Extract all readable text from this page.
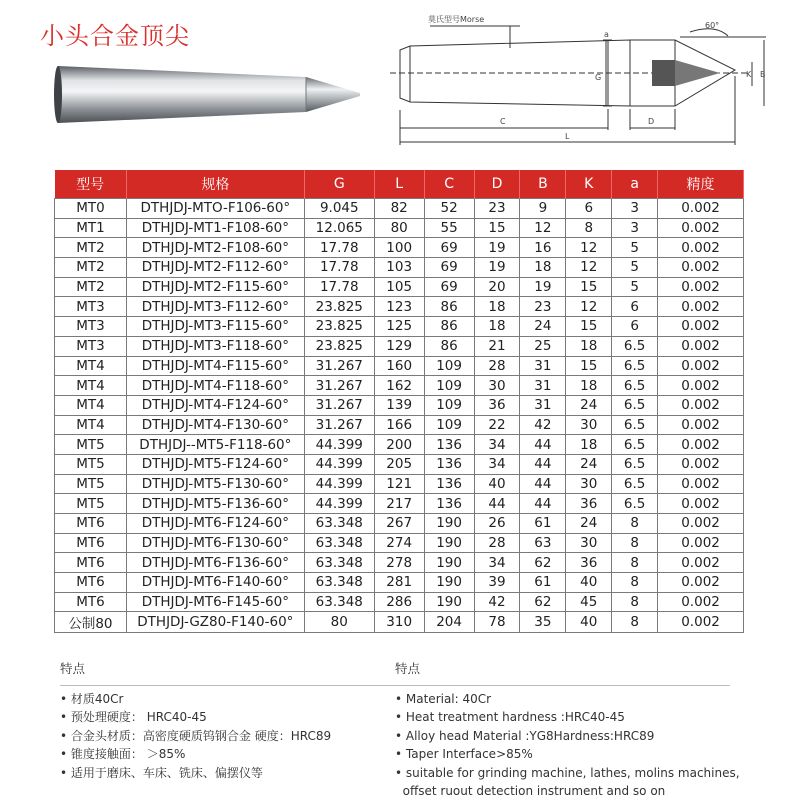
小头合金顶尖
莫氏型号Morse
60°
a
G	K B
C	D
L
型号	规格	G	L	C	D	B	K	a	精度
MT0	DTHJDJ-MTO-F106-60°	9.045	82	52	23	9	6	3	0.002
MT1	DTHJDJ-MT1-F108-60°	12.065	80	55	15	12	8	3	0.002
MT2	DTHJDJ-MT2-F108-60°	17.78	100	69	19	16	12	5	0.002
MT2	DTHJDJ-MT2-F112-60°	17.78	103	69	19	18	12	5	0.002
MT2	DTHJDJ-MT2-F115-60°	17.78	105	69	20	19	15	5	0.002
MT3	DTHJDJ-MT3-F112-60°	23.825	123	86	18	23	12	6	0.002
MT3	DTHJDJ-MT3-F115-60°	23.825	125	86	18	24	15	6	0.002
MT3	DTHJDJ-MT3-F118-60°	23.825	129	86	21	25	18	6.5	0.002
MT4	DTHJDJ-MT4-F115-60°	31.267	160	109	28	31	15	6.5	0.002
MT4	DTHJDJ-MT4-F118-60°	31.267	162	109	30	31	18	6.5	0.002
MT4	DTHJDJ-MT4-F124-60°	31.267	139	109	36	31	24	6.5	0.002
MT4	DTHJDJ-MT4-F130-60°	31.267	166	109	22	42	30	6.5	0.002
MT5	DTHJDJ--MT5-F118-60°	44.399	200	136	34	44	18	6.5	0.002
MT5	DTHJDJ-MT5-F124-60°	44.399	205	136	34	44	24	6.5	0.002
MT5	DTHJDJ-MT5-F130-60°	44.399	121	136	40	44	30	6.5	0.002
MT5	DTHJDJ-MT5-F136-60°	44.399	217	136	44	44	36	6.5	0.002
MT6	DTHJDJ-MT6-F124-60°	63.348	267	190	26	61	24	8	0.002
MT6	DTHJDJ-MT6-F130-60°	63.348	274	190	28	63	30	8	0.002
MT6	DTHJDJ-MT6-F136-60°	63.348	278	190	34	62	36	8	0.002
MT6	DTHJDJ-MT6-F140-60°	63.348	281	190	39	61	40	8	0.002
MT6	DTHJDJ-MT6-F145-60°	63.348	286	190	42	62	45	8	0.002
公制80	DTHJDJ-GZ80-F140-60°	80	310	204	78	35	40	8	0.002
特点
• 材质40Cr
• 预处理硬度： HRC40-45
• 合金头材质：高密度硬质钨钢合金 硬度：HRC89
• 锥度接触面： ＞85%
• 适用于磨床、车床、铣床、偏摆仪等
特点
• Material: 40Cr
• Heat treatment hardness :HRC40-45
• Alloy head Material :YG8Hardness:HRC89
• Taper Interface>85%
• suitable for grinding machine, lathes, molins machines,
offset ruout detection instrument and so on
